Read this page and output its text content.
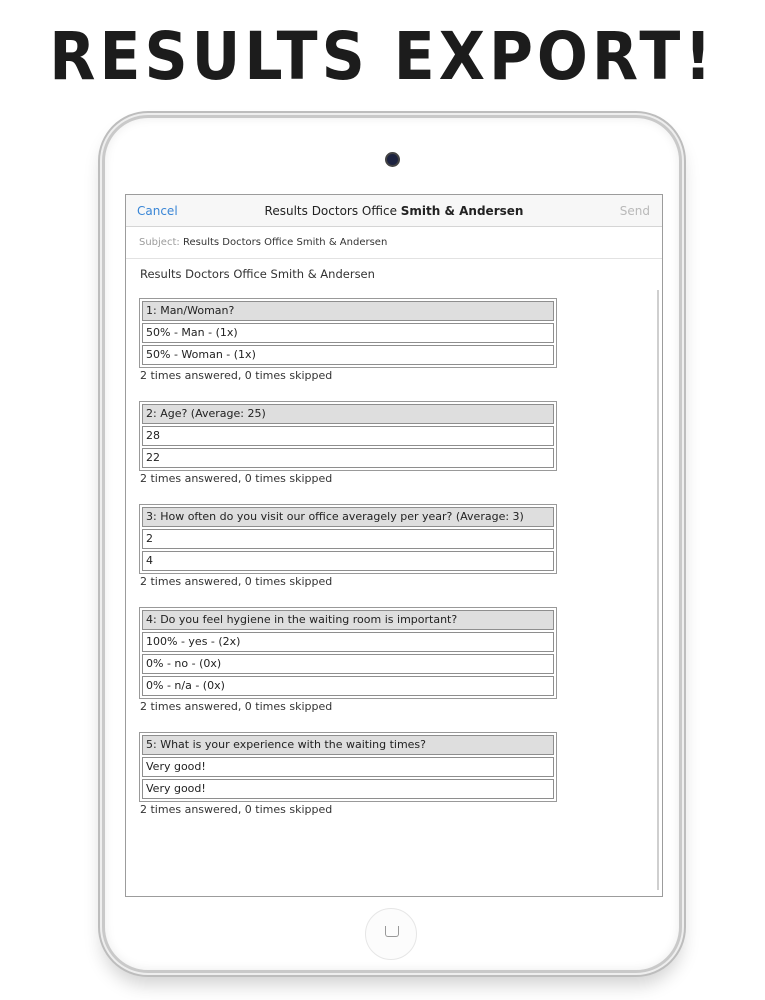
RESULTS EXPORT!
Cancel	Results Doctors Office Smith & Andersen	Send
Subject: Results Doctors Office Smith & Andersen
Results Doctors Office Smith & Andersen
1: Man/Woman?
50% - Man - (1x)
50% - Woman - (1x)
2 times answered, 0 times skipped
2: Age? (Average: 25)
28
22
2 times answered, 0 times skipped
3: How often do you visit our office averagely per year? (Average: 3)
2
4
2 times answered, 0 times skipped
4: Do you feel hygiene in the waiting room is important?
100% - yes - (2x)
0% - no - (0x)
0% - n/a - (0x)
2 times answered, 0 times skipped
5: What is your experience with the waiting times?
Very good!
Very good!
2 times answered, 0 times skipped
